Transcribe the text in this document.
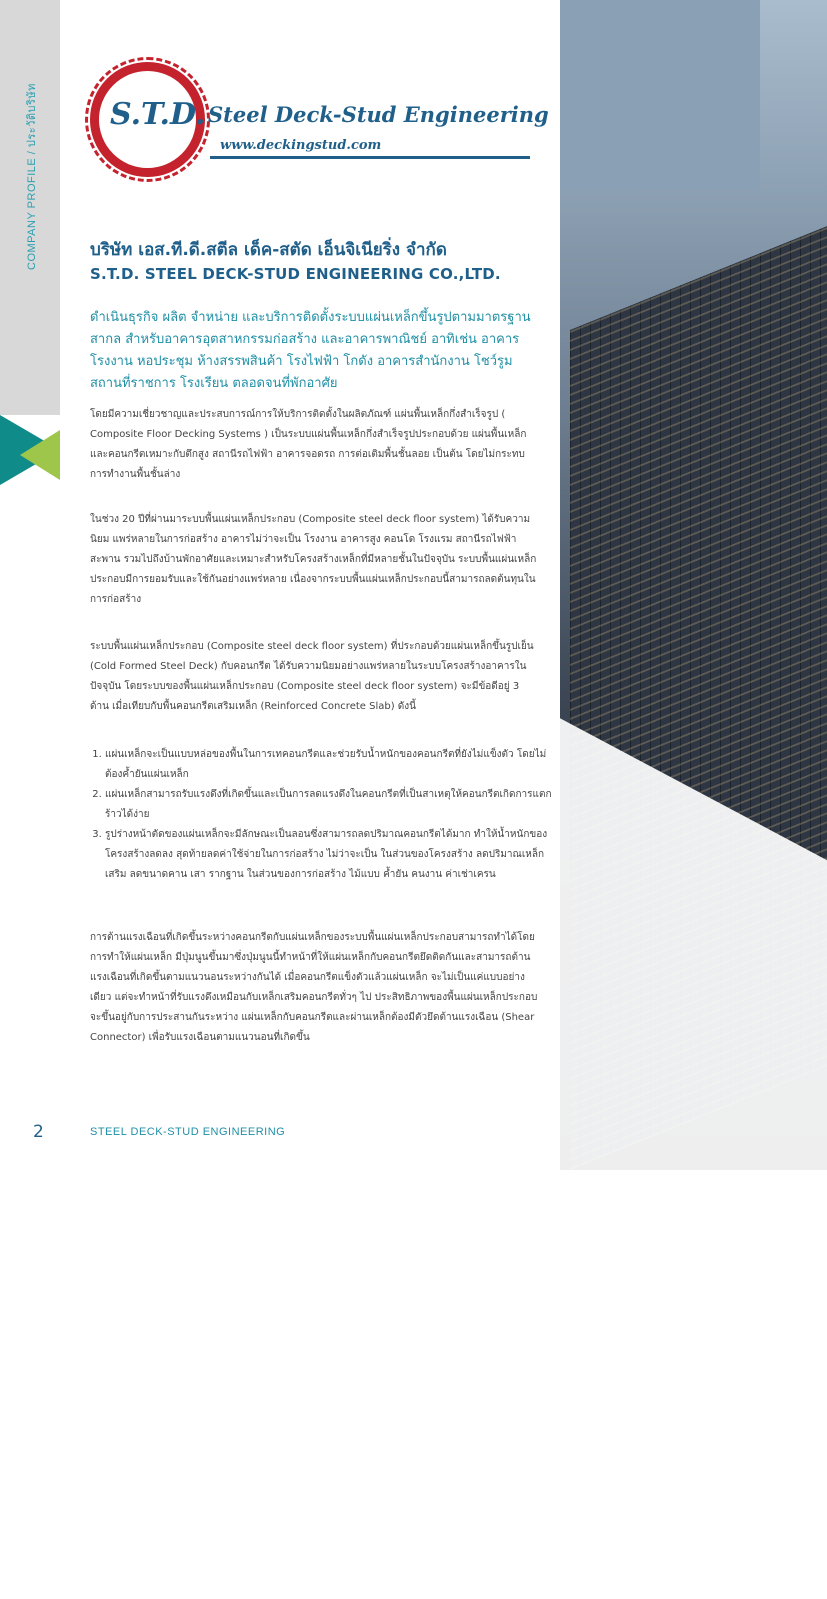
COMPANY PROFILE / ประวัติบริษัท S.T.D. Steel Deck-Stud Engineering
www.deckingstud.com
บริษัท เอส.ที.ดี.สตีล เด็ค-สตัด เอ็นจิเนียริ่ง จำกัด
S.T.D. STEEL DECK-STUD ENGINEERING CO.,LTD.
ดำเนินธุรกิจ ผลิต จำหน่าย และบริการติดตั้งระบบแผ่นเหล็กขึ้นรูปตามมาตรฐานสากล สำหรับอาคารอุตสาหกรรมก่อสร้าง และอาคารพาณิชย์ อาทิเช่น อาคารโรงงาน หอประชุม ห้างสรรพสินค้า โรงไฟฟ้า โกดัง อาคารสำนักงาน โชว์รูม สถานที่ราชการ โรงเรียน ตลอดจนที่พักอาศัย
โดยมีความเชี่ยวชาญและประสบการณ์การให้บริการติดตั้งในผลิตภัณฑ์ แผ่นพื้นเหล็กกึ่งสำเร็จรูป ( Composite Floor Decking Systems ) เป็นระบบแผ่นพื้นเหล็กกึ่งสำเร็จรูปประกอบด้วย แผ่นพื้นเหล็กและคอนกรีตเหมาะกับตึกสูง สถานีรถไฟฟ้า อาคารจอดรถ การต่อเติมพื้นชั้นลอย เป็นต้น โดยไม่กระทบการทำงานพื้นชั้นล่าง
ในช่วง 20 ปีที่ผ่านมาระบบพื้นแผ่นเหล็กประกอบ (Composite steel deck floor system) ได้รับความนิยม แพร่หลายในการก่อสร้าง อาคารไม่ว่าจะเป็น โรงงาน อาคารสูง คอนโด โรงแรม สถานีรถไฟฟ้า สะพาน รวมไปถึงบ้านพักอาศัยและเหมาะสำหรับโครงสร้างเหล็กที่มีหลายชั้นในปัจจุบัน ระบบพื้นแผ่นเหล็กประกอบมีการยอมรับและใช้กันอย่างแพร่หลาย เนื่องจากระบบพื้นแผ่นเหล็กประกอบนี้สามารถลดต้นทุนในการก่อสร้าง
ระบบพื้นแผ่นเหล็กประกอบ (Composite steel deck floor system) ที่ประกอบด้วยแผ่นเหล็กขึ้นรูปเย็น (Cold Formed Steel Deck) กับคอนกรีต ได้รับความนิยมอย่างแพร่หลายในระบบโครงสร้างอาคารในปัจจุบัน โดยระบบของพื้นแผ่นเหล็กประกอบ (Composite steel deck floor system) จะมีข้อดีอยู่ 3 ด้าน เมื่อเทียบกับพื้นคอนกรีตเสริมเหล็ก (Reinforced Concrete Slab) ดังนี้
1. แผ่นเหล็กจะเป็นแบบหล่อของพื้นในการเทคอนกรีตและช่วยรับน้ำหนักของคอนกรีตที่ยังไม่แข็งตัว โดยไม่ต้องค้ำยันแผ่นเหล็ก
2. แผ่นเหล็กสามารถรับแรงดึงที่เกิดขึ้นและเป็นการลดแรงดึงในคอนกรีตที่เป็นสาเหตุให้คอนกรีตเกิดการแตกร้าวได้ง่าย
3. รูปร่างหน้าตัดของแผ่นเหล็กจะมีลักษณะเป็นลอนซึ่งสามารถลดปริมาณคอนกรีตได้มาก ทำให้น้ำหนักของโครงสร้างลดลง สุดท้ายลดค่าใช้จ่ายในการก่อสร้าง ไม่ว่าจะเป็น ในส่วนของโครงสร้าง ลดปริมาณเหล็กเสริม ลดขนาดคาน เสา รากฐาน ในส่วนของการก่อสร้าง ไม้แบบ ค้ำยัน คนงาน ค่าเช่าเครน
การต้านแรงเฉือนที่เกิดขึ้นระหว่างคอนกรีตกับแผ่นเหล็กของระบบพื้นแผ่นเหล็กประกอบสามารถทำได้โดยการทำให้แผ่นเหล็ก มีปุ่มนูนขึ้นมาซึ่งปุ่มนูนนี้ทำหน้าที่ให้แผ่นเหล็กกับคอนกรีตยึดติดกันและสามารถต้านแรงเฉือนที่เกิดขึ้นตามแนวนอนระหว่างกันได้ เมื่อคอนกรีตแข็งตัวแล้วแผ่นเหล็ก จะไม่เป็นแค่แบบอย่างเดียว แต่จะทำหน้าที่รับแรงดึงเหมือนกับเหล็กเสริมคอนกรีตทั่วๆ ไป ประสิทธิภาพของพื้นแผ่นเหล็กประกอบจะขึ้นอยู่กับการประสานกันระหว่าง แผ่นเหล็กกับคอนกรีตและผ่านเหล็กต้องมีตัวยึดต้านแรงเฉือน (Shear Connector) เพื่อรับแรงเฉือนตามแนวนอนที่เกิดขึ้น
2	STEEL DECK-STUD ENGINEERING
